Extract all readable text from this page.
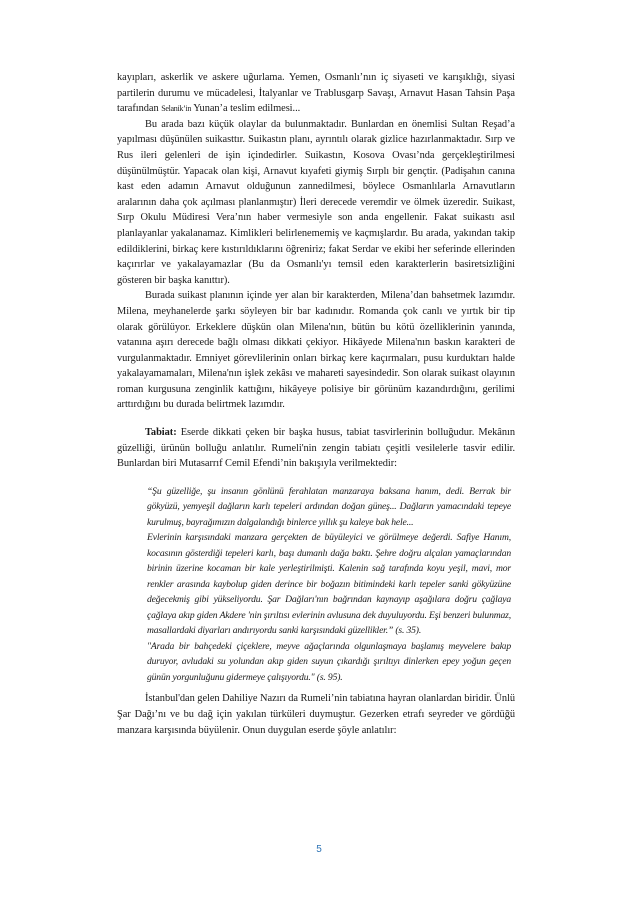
kayıpları, askerlik ve askere uğurlama. Yemen, Osmanlı’nın iç siyaseti ve karışıklığı, siyasi partilerin durumu ve mücadelesi, İtalyanlar ve Trablusgarp Savaşı, Arnavut Hasan Tahsin Paşa tarafından Selanik’in Yunan’a teslim edilmesi...

Bu arada bazı küçük olaylar da bulunmaktadır. Bunlardan en önemlisi Sultan Reşad’a yapılması düşünülen suikasttır. Suikastın planı, ayrıntılı olarak gizlice hazırlanmaktadır. Sırp ve Rus ileri gelenleri de işin içindedirler. Suikastın, Kosova Ovası’nda gerçekleştirilmesi düşünülmüştür. Yapacak olan kişi, Arnavut kıyafeti giymiş Sırplı bir gençtir. (Padişahın canına kast eden adamın Arnavut olduğunun zannedilmesi, böylece Osmanlılarla Arnavutların aralarının daha çok açılması planlanmıştır) İleri derecede veremdir ve ölmek üzeredir. Suikast, Sırp Okulu Müdiresi Vera’nın haber vermesiyle son anda engellenir. Fakat suikastı asıl planlayanlar yakalanamaz. Kimlikleri belirlenememiş ve kaçmışlardır. Bu arada, yakından takip edildiklerini, birkaç kere kıstırıldıklarını öğreniriz; fakat Serdar ve ekibi her seferinde ellerinden kaçırırlar ve yakalayamazlar (Bu da Osmanlı'yı temsil eden karakterlerin basiretsizliğini gösteren bir başka kanıttır).

Burada suikast planının içinde yer alan bir karakterden, Milena’dan bahsetmek lazımdır. Milena, meyhanelerde şarkı söyleyen bir bar kadınıdır. Romanda çok canlı ve yırtık bir tip olarak görülüyor. Erkeklere düşkün olan Milena'nın, bütün bu kötü özelliklerinin yanında, vatanına aşırı derecede bağlı olması dikkati çekiyor. Hikâyede Milena'nın baskın karakteri de vurgulanmaktadır. Emniyet görevlilerinin onları birkaç kere kaçırmaları, pusu kurduktarı halde yakalayamamaları, Milena'nın işlek zekâsı ve mahareti sayesindedir. Son olarak suikast olayının roman kurgusuna zenginlik kattığını, hikâyeye polisiye bir görünüm kazandırdığını, gerilimi arttırdığını bu durada belirtmek lazımdır.

Tabiat: Eserde dikkati çeken bir başka husus, tabiat tasvirlerinin bolluğudur. Mekânın güzelliği, ürünün bolluğu anlatılır. Rumeli'nin zengin tabiatı çeşitli vesilelerle tasvir edilir. Bunlardan biri Mutasarrıf Cemil Efendi’nin bakışıyla verilmektedir:

“Şu güzelliğe, şu insanın gönlünü ferahlatan manzaraya baksana hanım, dedi. Berrak bir gökyüzü, yemyeşil dağların karlı tepeleri ardından doğan güneş... Dağların yamacındaki tepeye kurulmuş, bayrağımızın dalgalandığı binlerce yıllık şu kaleye bak hele...

Evlerinin karşısındaki manzara gerçekten de büyüleyici ve görülmeye değerdi. Safiye Hanım, kocasının gösterdiği tepeleri karlı, başı dumanlı dağa baktı. Şehre doğru alçalan yamaçlarından birinin üzerine kocaman bir kale yerleştirilmişti. Kalenin sağ tarafında koyu yeşil, mavi, mor renkler arasında kaybolup giden derince bir boğazın bitimindeki karlı tepeler sanki gökyüzüne değecekmiş gibi yükseliyordu. Şar Dağları'nın bağrından kaynayıp aşağılara doğru çağlaya çağlaya akıp giden Akdere 'nin şırıltısı evlerinin avlusuna dek duyuluyordu. Eşi benzeri bulunmaz, masallardaki diyarları andırıyordu sanki karşısındaki güzellikler.” (s. 35).

"Arada bir bahçedeki çiçeklere, meyve ağaçlarında olgunlaşmaya başlamış meyvelere bakıp duruyor, avludaki su yolundan akıp giden suyun çıkardığı şırıltıyı dinlerken epey yoğun geçen günün yorgunluğunu gidermeye çalışıyordu." (s. 95).

İstanbul'dan gelen Dahiliye Nazırı da Rumeli’nin tabiatına hayran olanlardan biridir. Ünlü Şar Dağı’nı ve bu dağ için yakılan türküleri duymuştur. Gezerken etrafı seyreder ve gördüğü manzara karşısında büyülenir. Onun duygulan eserde şöyle anlatılır:

5
